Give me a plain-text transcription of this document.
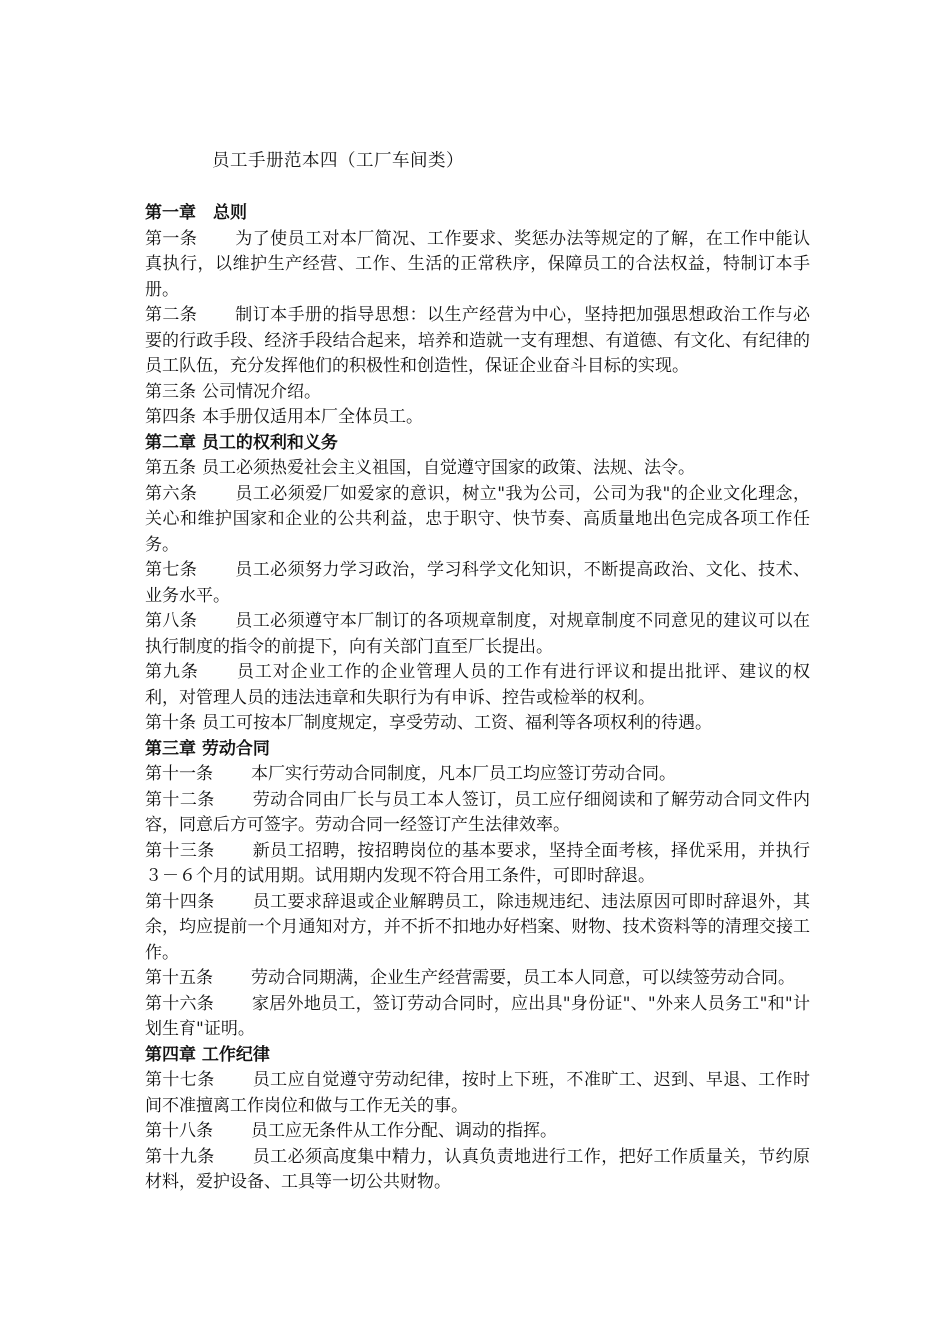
员工手册范本四（工厂车间类）

第一章　总则

第一条 为了使员工对本厂简况、工作要求、奖惩办法等规定的了解，在工作中能认真执行，以维护生产经营、工作、生活的正常秩序，保障员工的合法权益，特制订本手册。

第二条 制订本手册的指导思想：以生产经营为中心，坚持把加强思想政治工作与必要的行政手段、经济手段结合起来，培养和造就一支有理想、有道德、有文化、有纪律的员工队伍，充分发挥他们的积极性和创造性，保证企业奋斗目标的实现。

第三条 公司情况介绍。

第四条 本手册仅适用本厂全体员工。

第二章 员工的权利和义务

第五条 员工必须热爱社会主义祖国，自觉遵守国家的政策、法规、法令。

第六条 员工必须爱厂如爱家的意识，树立"我为公司，公司为我"的企业文化理念，关心和维护国家和企业的公共利益，忠于职守、快节奏、高质量地出色完成各项工作任务。

第七条 员工必须努力学习政治，学习科学文化知识，不断提高政治、文化、技术、业务水平。

第八条 员工必须遵守本厂制订的各项规章制度，对规章制度不同意见的建议可以在执行制度的指令的前提下，向有关部门直至厂长提出。

第九条 员工对企业工作的企业管理人员的工作有进行评议和提出批评、建议的权利，对管理人员的违法违章和失职行为有申诉、控告或检举的权利。

第十条 员工可按本厂制度规定，享受劳动、工资、福利等各项权利的待遇。

第三章 劳动合同

第十一条 本厂实行劳动合同制度，凡本厂员工均应签订劳动合同。

第十二条 劳动合同由厂长与员工本人签订，员工应仔细阅读和了解劳动合同文件内容，同意后方可签字。劳动合同一经签订产生法律效率。

第十三条 新员工招聘，按招聘岗位的基本要求，坚持全面考核，择优采用，并执行３－６个月的试用期。试用期内发现不符合用工条件，可即时辞退。

第十四条 员工要求辞退或企业解聘员工，除违规违纪、违法原因可即时辞退外，其余，均应提前一个月通知对方，并不折不扣地办好档案、财物、技术资料等的清理交接工作。

第十五条 劳动合同期满，企业生产经营需要，员工本人同意，可以续签劳动合同。

第十六条 家居外地员工，签订劳动合同时，应出具"身份证"、"外来人员务工"和"计划生育"证明。

第四章 工作纪律

第十七条 员工应自觉遵守劳动纪律，按时上下班，不准旷工、迟到、早退、工作时间不准擅离工作岗位和做与工作无关的事。

第十八条 员工应无条件从工作分配、调动的指挥。

第十九条 员工必须高度集中精力，认真负责地进行工作，把好工作质量关，节约原材料，爱护设备、工具等一切公共财物。
